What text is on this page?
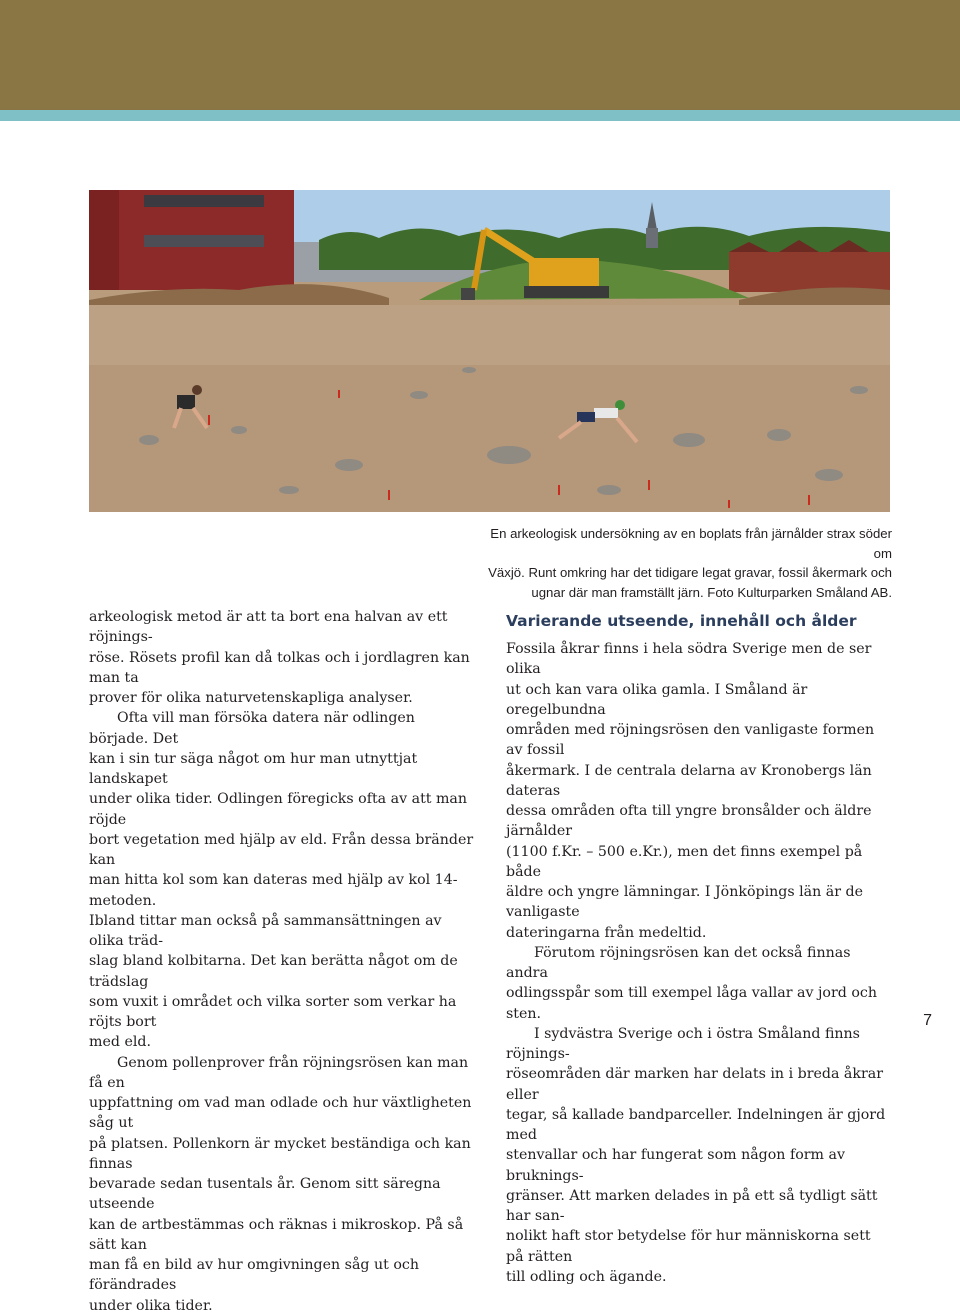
En arkeologisk undersökning av en boplats från järnålder strax söder om
Växjö. Runt omkring har det tidigare legat gravar, fossil åkermark och
ugnar där man framställt järn. Foto Kulturparken Småland AB.

arkeologisk metod är att ta bort ena halvan av ett röjnings-
röse. Rösets profil kan då tolkas och i jordlagren kan man ta
prover för olika naturvetenskapliga analyser.

Ofta vill man försöka datera när odlingen började. Det
kan i sin tur säga något om hur man utnyttjat landskapet
under olika tider. Odlingen föregicks ofta av att man röjde
bort vegetation med hjälp av eld. Från dessa bränder kan
man hitta kol som kan dateras med hjälp av kol 14-metoden.
Ibland tittar man också på sammansättningen av olika träd-
slag bland kolbitarna. Det kan berätta något om de trädslag
som vuxit i området och vilka sorter som verkar ha röjts bort
med eld.

Genom pollenprover från röjningsrösen kan man få en
uppfattning om vad man odlade och hur växtligheten såg ut
på platsen. Pollenkorn är mycket beständiga och kan finnas
bevarade sedan tusentals år. Genom sitt säregna utseende
kan de artbestämmas och räknas i mikroskop. På så sätt kan
man få en bild av hur omgivningen såg ut och förändrades
under olika tider.

Varierande utseende, innehåll och ålder

Fossila åkrar finns i hela södra Sverige men de ser olika
ut och kan vara olika gamla. I Småland är oregelbundna
områden med röjningsrösen den vanligaste formen av fossil
åkermark. I de centrala delarna av Kronobergs län dateras
dessa områden ofta till yngre bronsålder och äldre järnålder
(1100 f.Kr. – 500 e.Kr.), men det finns exempel på både
äldre och yngre lämningar. I Jönköpings län är de vanligaste
dateringarna från medeltid.

Förutom röjningsrösen kan det också finnas andra
odlingsspår som till exempel låga vallar av jord och sten.

I sydvästra Sverige och i östra Småland finns röjnings-
röseområden där marken har delats in i breda åkrar eller
tegar, så kallade bandparceller. Indelningen är gjord med
stenvallar och har fungerat som någon form av bruknings-
gränser. Att marken delades in på ett så tydligt sätt har san-
nolikt haft stor betydelse för hur människorna sett på rätten
till odling och ägande.

7
